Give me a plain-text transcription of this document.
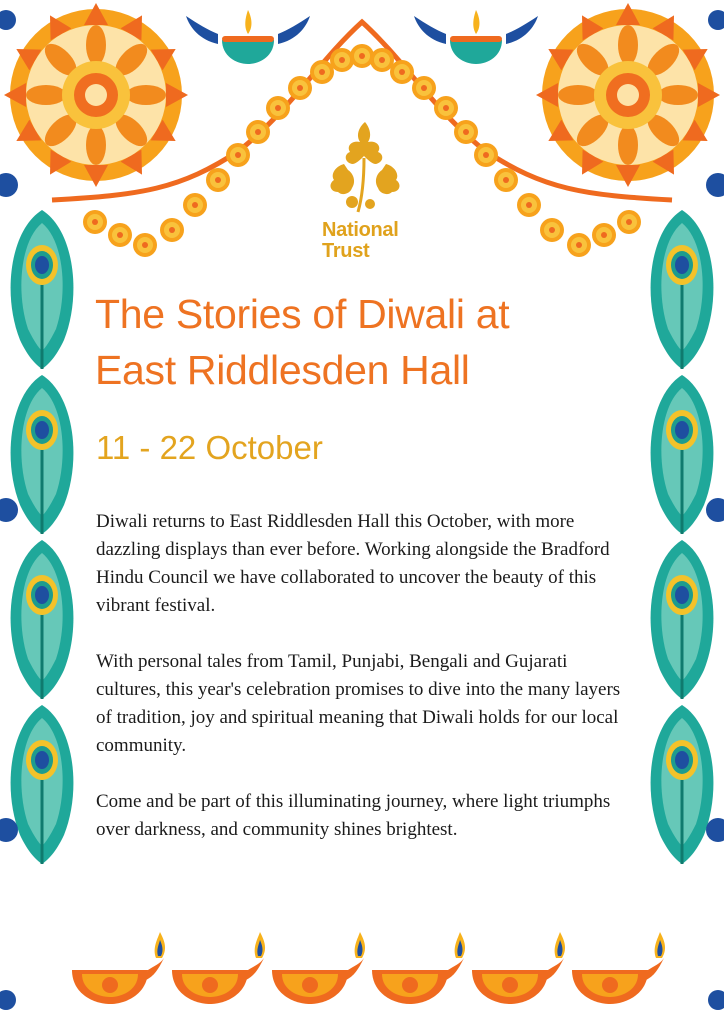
National
Trust
The Stories of Diwali at
East Riddlesden Hall
11 - 22 October

Diwali returns to East Riddlesden Hall this October, with more dazzling displays than ever before. Working alongside the Bradford Hindu Council we have collaborated to uncover the beauty of this vibrant festival.

With personal tales from Tamil, Punjabi, Bengali and Gujarati cultures, this year's celebration promises to dive into the many layers of tradition, joy and spiritual meaning that Diwali holds for our local community.

Come and be part of this illuminating journey, where light triumphs over darkness, and community shines brightest.
